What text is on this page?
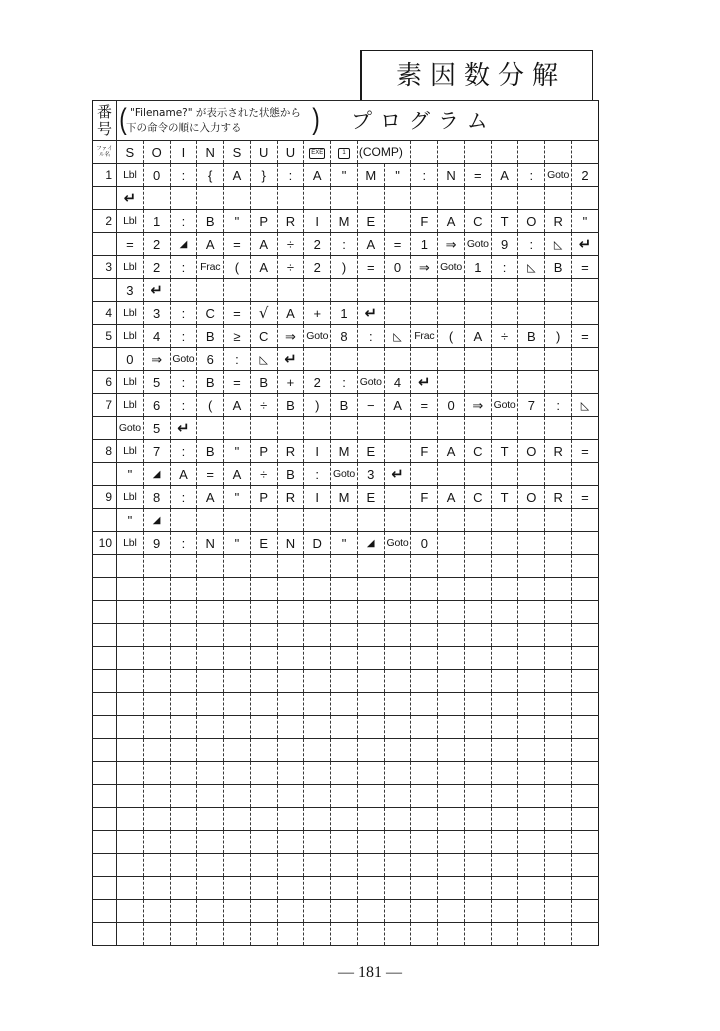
素因数分解
番号	( "Filename?" が表示された状態から
下の命令の順に入力する ) プログラム																	

ファイル名	S	O	I	N	S	U	U	EXE	1	(COMP)								
1	Lbl	0	:	{	A	}	:	A	"	M	"	:	N	=	A	:	Goto	2
	↵																	
2	Lbl	1	:	B	"	P	R	I	M	E		F	A	C	T	O	R	"
	=	2	◢	A	=	A	÷	2	:	A	=	1	⇒	Goto	9	:	◺	↵
3	Lbl	2	:	Frac	(	A	÷	2	)	=	0	⇒	Goto	1	:	◺	B	=
	3	↵																
4	Lbl	3	:	C	=	√	A	+	1	↵								
5	Lbl	4	:	B	≥	C	⇒	Goto	8	:	◺	Frac	(	A	÷	B	)	=
	0	⇒	Goto	6	:	◺	↵											
6	Lbl	5	:	B	=	B	+	2	:	Goto	4	↵						
7	Lbl	6	:	(	A	÷	B	)	B	−	A	=	0	⇒	Goto	7	:	◺
	Goto	5	↵															
8	Lbl	7	:	B	"	P	R	I	M	E		F	A	C	T	O	R	=
	"	◢	A	=	A	÷	B	:	Goto	3	↵							
9	Lbl	8	:	A	"	P	R	I	M	E		F	A	C	T	O	R	=
	"	◢																
10	Lbl	9	:	N	"	E	N	D	"	◢	Goto	0						

— 181 —
